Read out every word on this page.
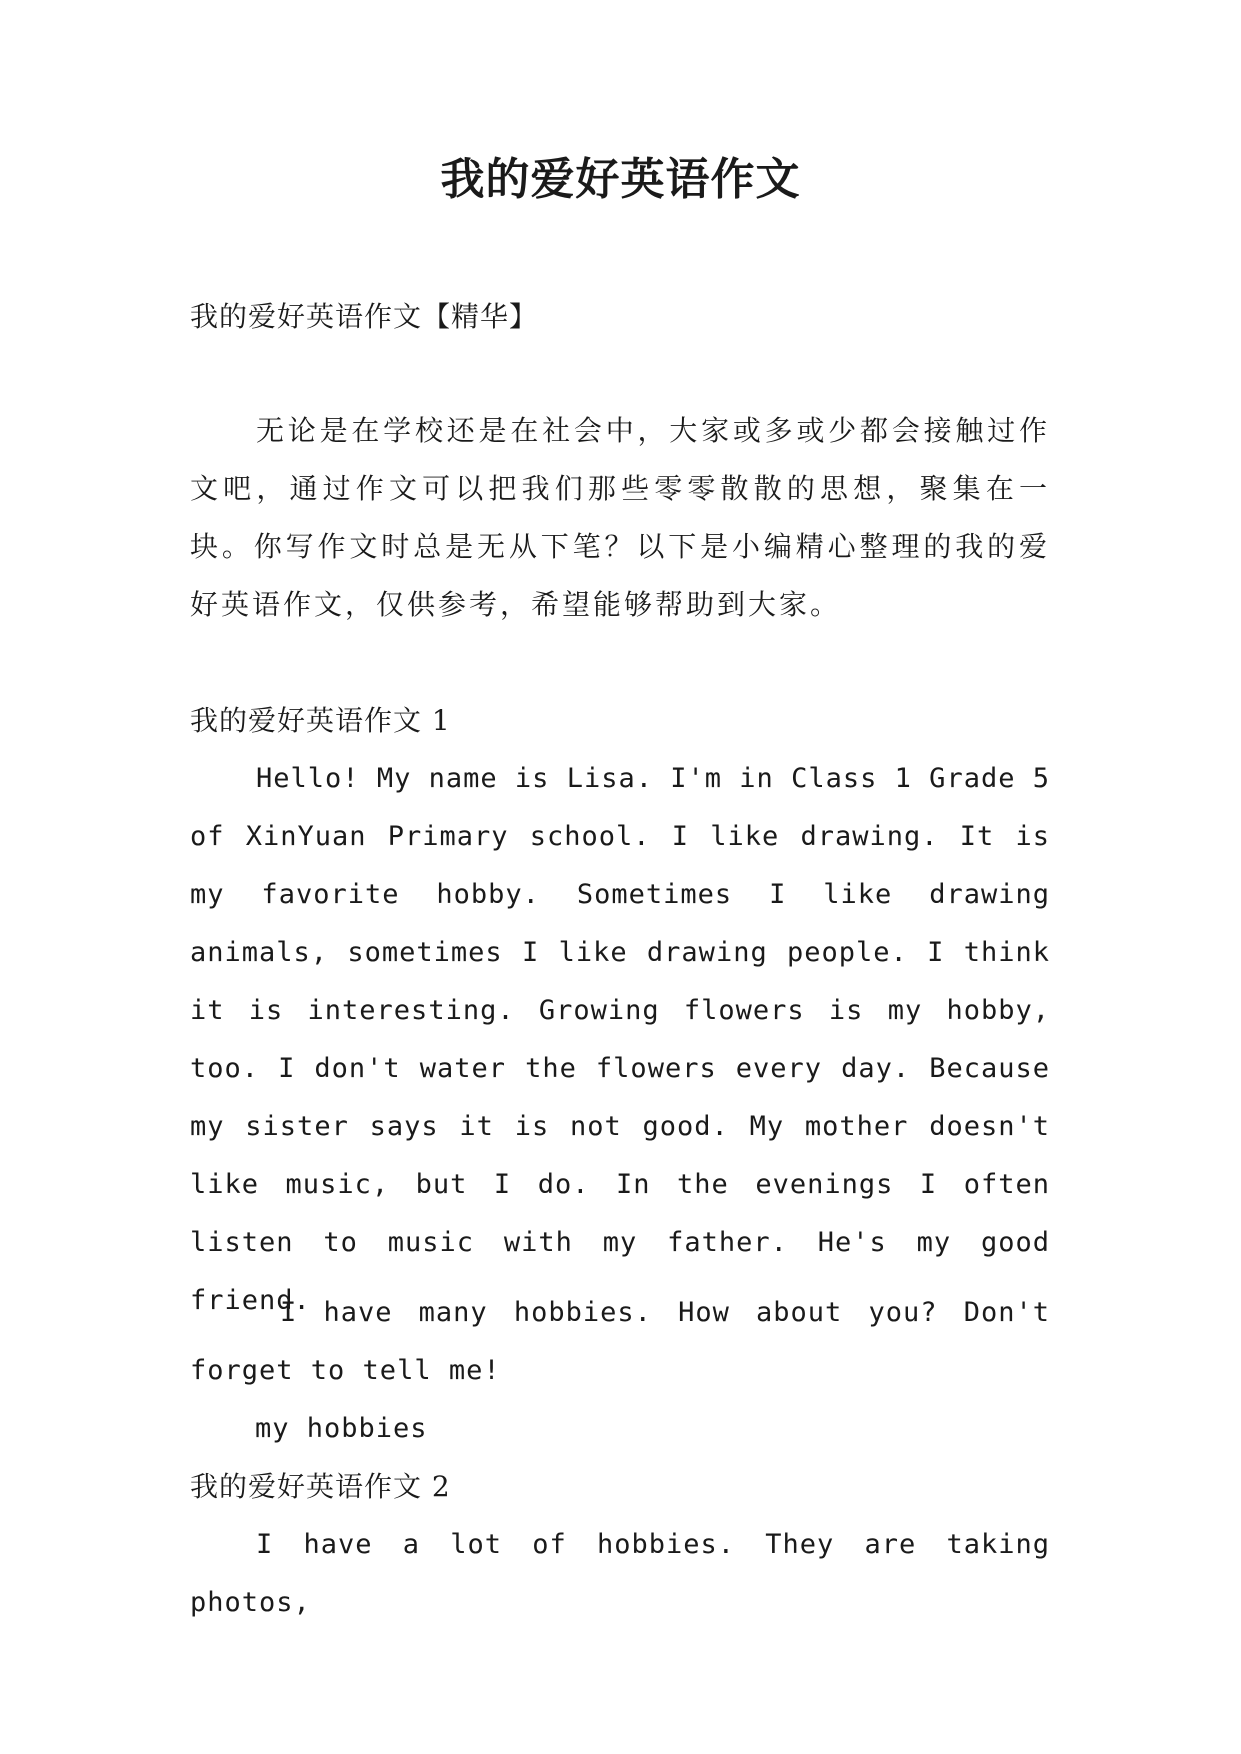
我的爱好英语作文
我的爱好英语作文【精华】
无论是在学校还是在社会中，大家或多或少都会接触过作文吧，通过作文可以把我们那些零零散散的思想，聚集在一块。你写作文时总是无从下笔？以下是小编精心整理的我的爱好英语作文，仅供参考，希望能够帮助到大家。
我的爱好英语作文 1
Hello! My name is Lisa. I'm in Class 1 Grade 5 of XinYuan Primary school. I like drawing. It is my favorite hobby. Sometimes I like drawing animals, sometimes I like drawing people. I think it is interesting. Growing flowers is my hobby, too. I don't water the flowers every day. Because my sister says it is not good. My mother doesn't like music, but I do. In the evenings I often listen to music with my father. He's my good friend.
I have many hobbies. How about you? Don't forget to tell me!
my hobbies
我的爱好英语作文 2
I have a lot of hobbies. They are taking photos,
